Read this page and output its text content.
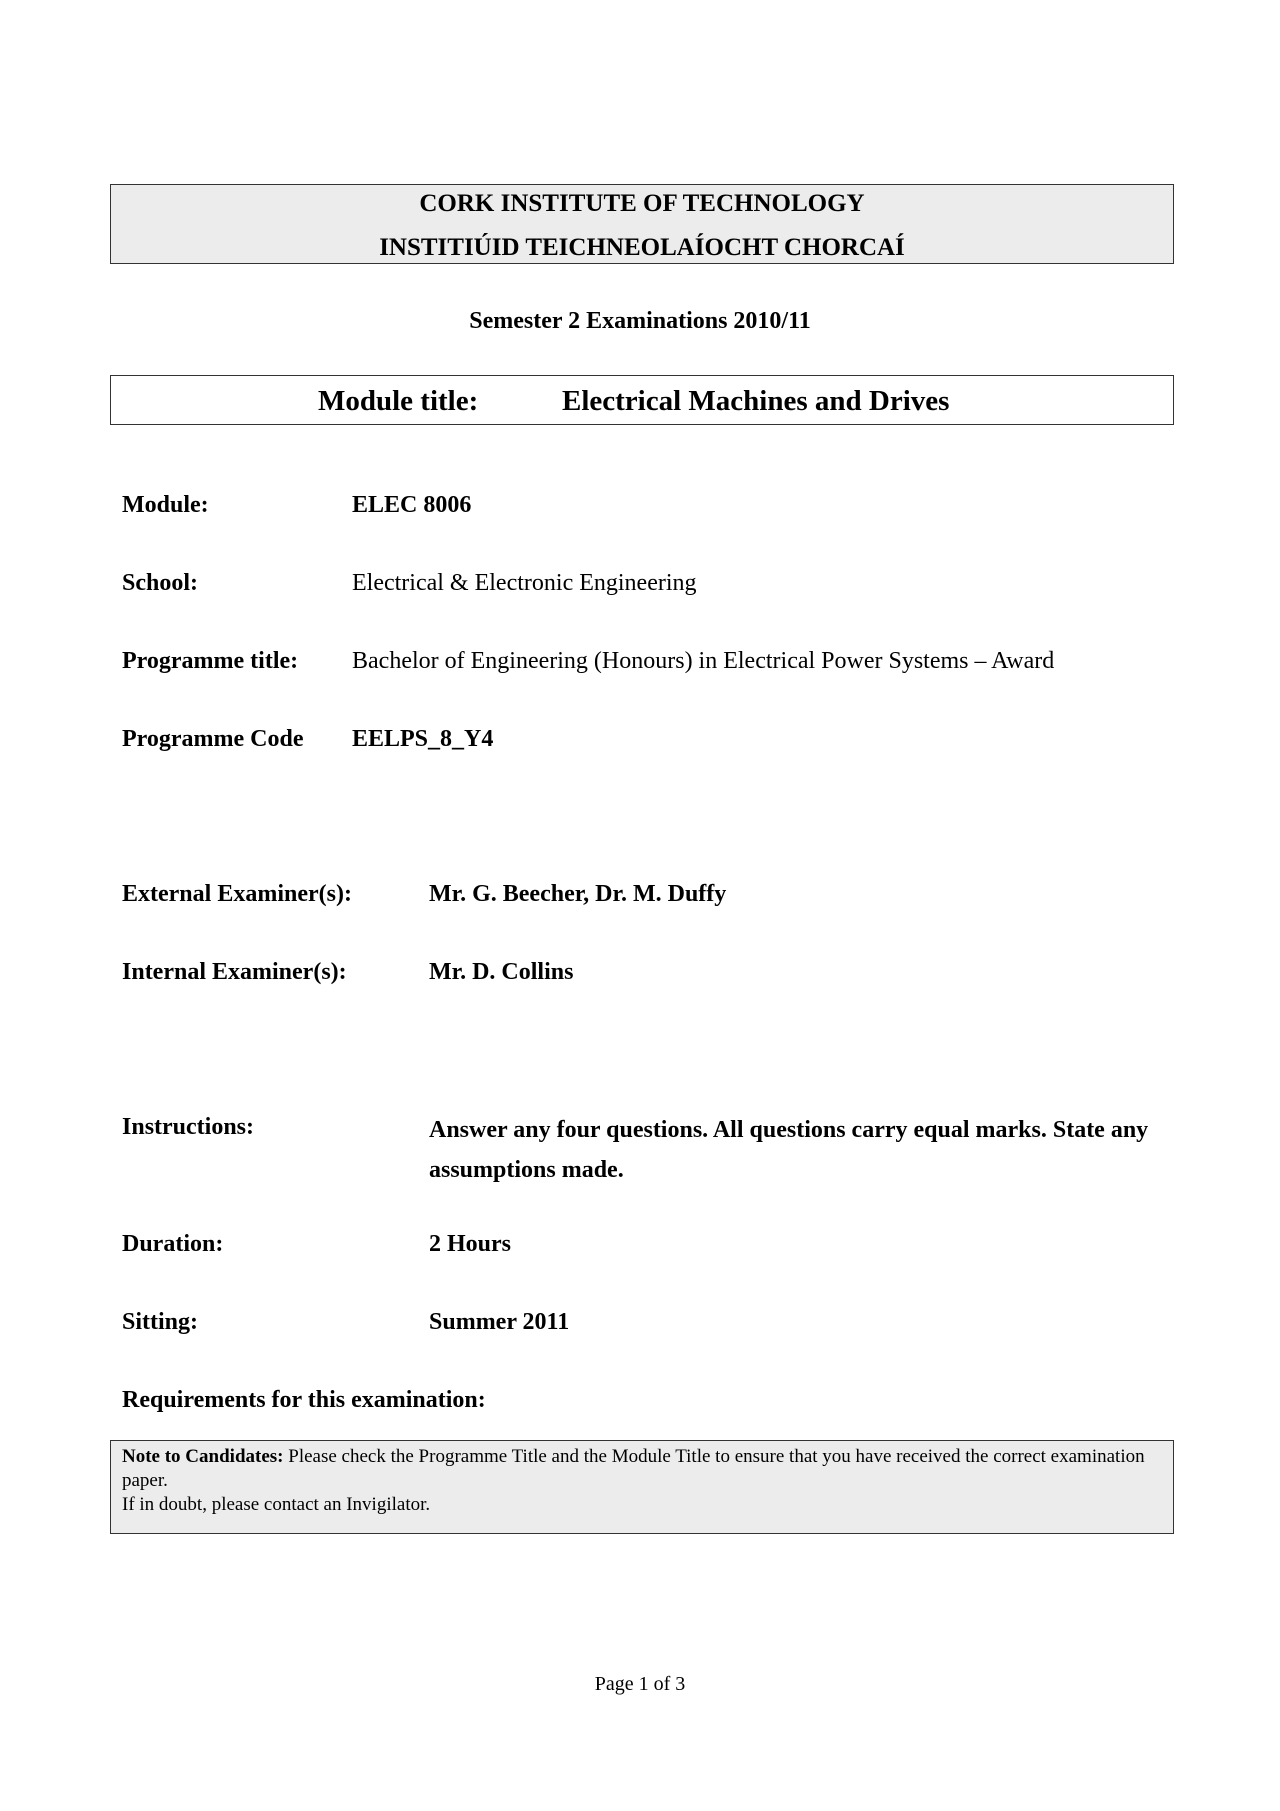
CORK INSTITUTE OF TECHNOLOGY
INSTITIÚID TEICHNEOLAÍOCHT CHORCAÍ
Semester 2 Examinations 2010/11
Module title:	Electrical Machines and Drives
Module:	ELEC 8006
School:	Electrical & Electronic Engineering
Programme title: Bachelor of Engineering (Honours) in Electrical Power Systems – Award
Programme Code EELPS_8_Y4
External Examiner(s):	Mr. G. Beecher, Dr. M. Duffy
Internal Examiner(s):	Mr. D. Collins
Instructions:	Answer any four questions. All questions carry equal marks. State any assumptions made.
Duration:	2 Hours
Sitting:	Summer 2011
Requirements for this examination:
Note to Candidates: Please check the Programme Title and the Module Title to ensure that you have received the correct examination paper.
If in doubt, please contact an Invigilator.
Page 1 of 3
